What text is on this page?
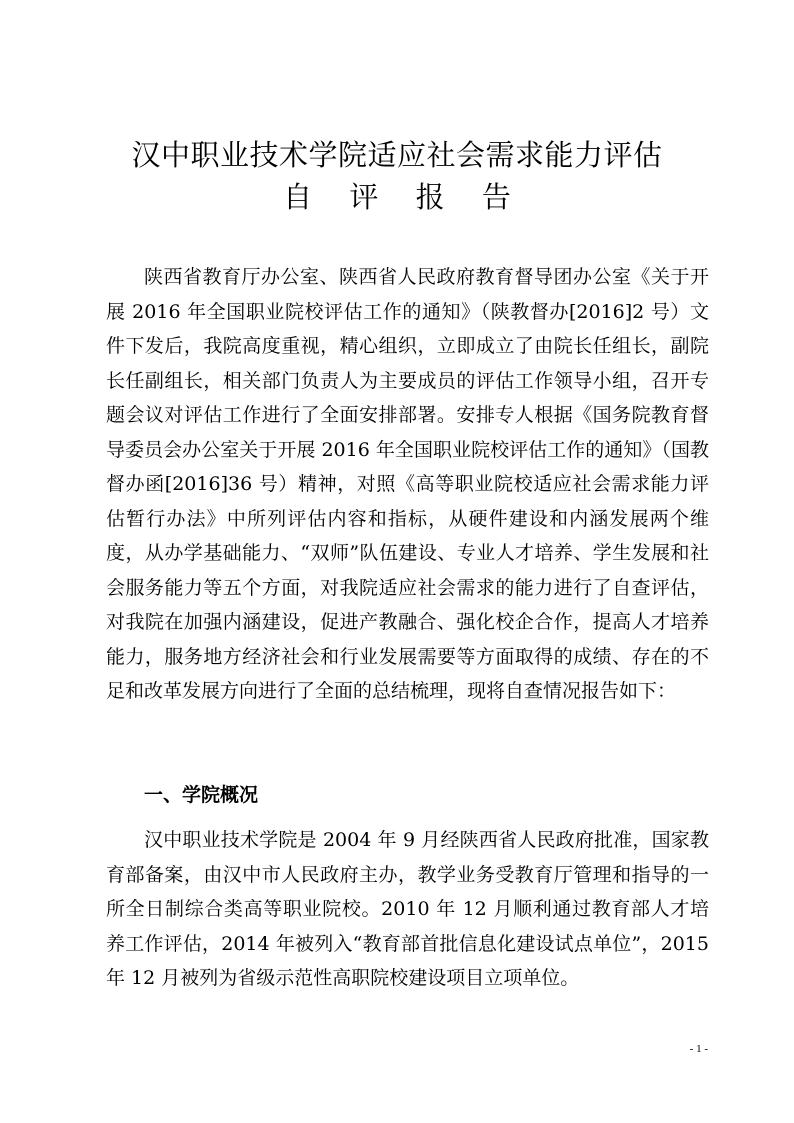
汉中职业技术学院适应社会需求能力评估
自 评 报 告

陕西省教育厅办公室、陕西省人民政府教育督导团办公室《关于开展 2016 年全国职业院校评估工作的通知》（陕教督办[2016]2 号）文件下发后，我院高度重视，精心组织，立即成立了由院长任组长，副院长任副组长，相关部门负责人为主要成员的评估工作领导小组，召开专题会议对评估工作进行了全面安排部署。安排专人根据《国务院教育督导委员会办公室关于开展 2016 年全国职业院校评估工作的通知》（国教督办函[2016]36 号）精神，对照《高等职业院校适应社会需求能力评估暂行办法》中所列评估内容和指标，从硬件建设和内涵发展两个维度，从办学基础能力、“双师”队伍建设、专业人才培养、学生发展和社会服务能力等五个方面，对我院适应社会需求的能力进行了自查评估，对我院在加强内涵建设，促进产教融合、强化校企合作，提高人才培养能力，服务地方经济社会和行业发展需要等方面取得的成绩、存在的不足和改革发展方向进行了全面的总结梳理，现将自查情况报告如下：

一、学院概况

汉中职业技术学院是 2004 年 9 月经陕西省人民政府批准，国家教育部备案，由汉中市人民政府主办，教学业务受教育厅管理和指导的一所全日制综合类高等职业院校。2010 年 12 月顺利通过教育部人才培养工作评估，2014 年被列入“教育部首批信息化建设试点单位”，2015 年 12 月被列为省级示范性高职院校建设项目立项单位。

- 1 -
